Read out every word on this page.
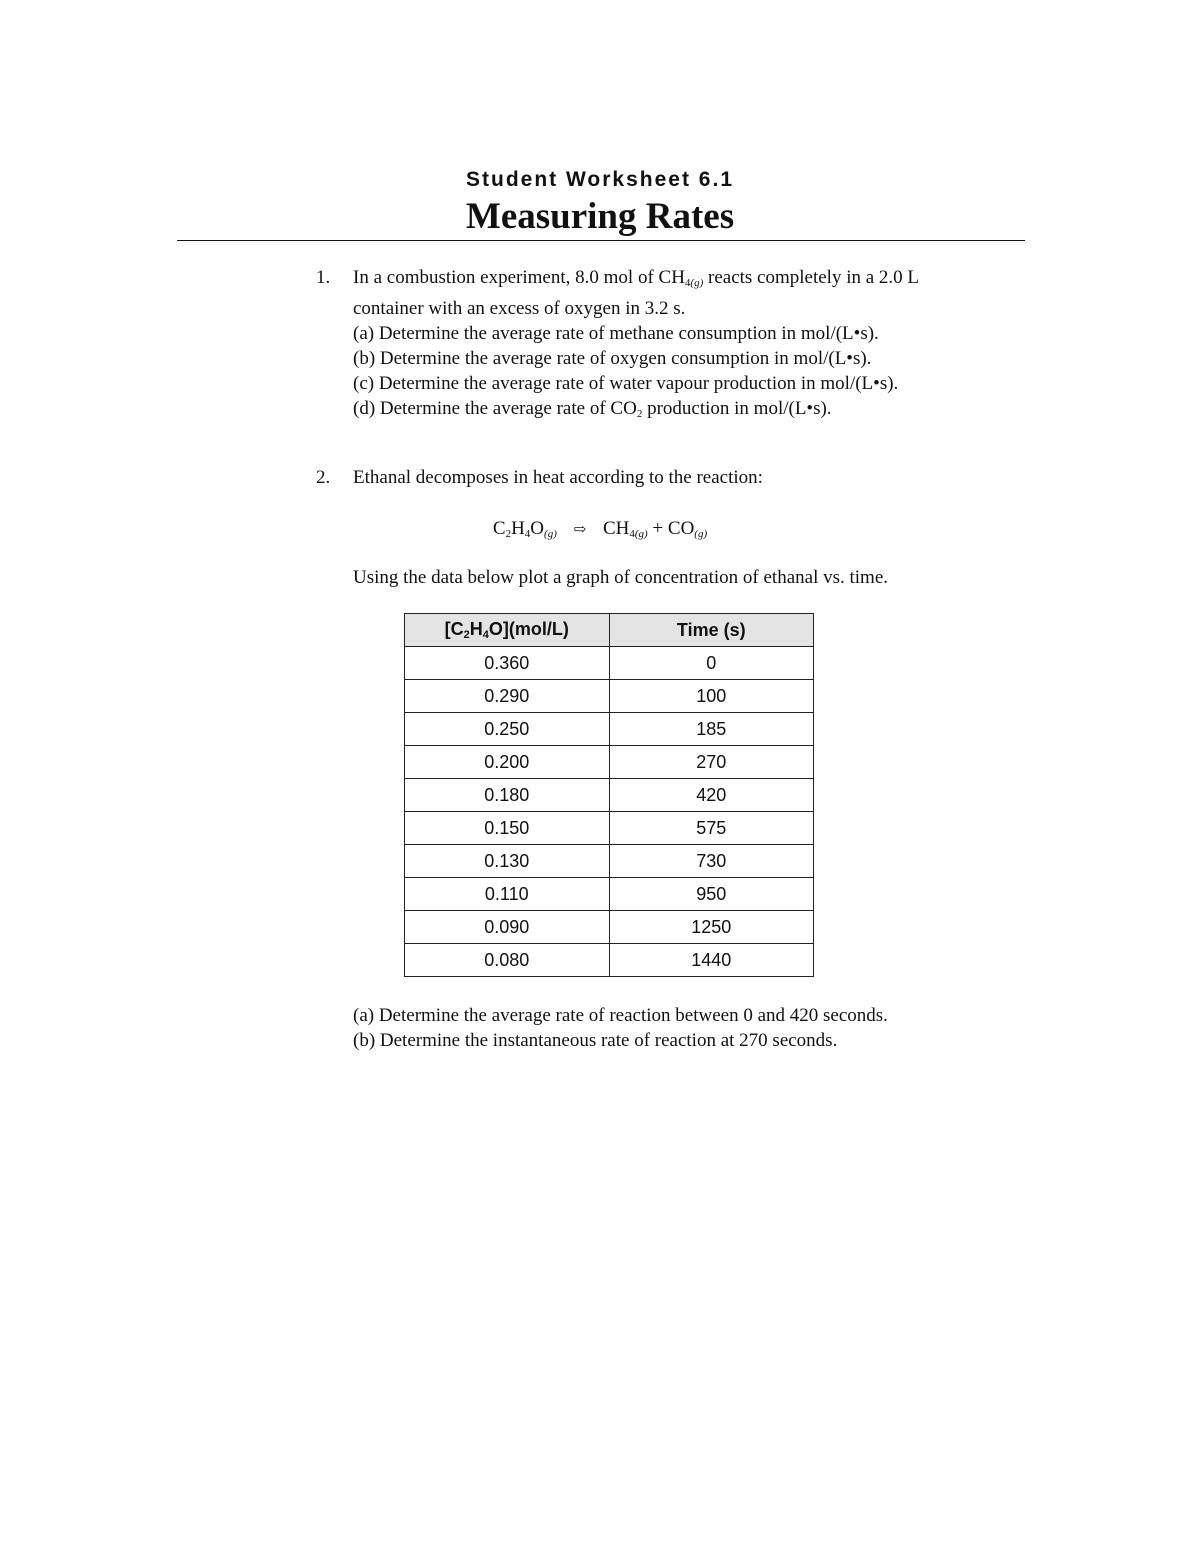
Student Worksheet 6.1
Measuring Rates
1. In a combustion experiment, 8.0 mol of $CH_{4(g)}$ reacts completely in a 2.0 L
container with an excess of oxygen in 3.2 s.
(a) Determine the average rate of methane consumption in mol/(L•s).
(b) Determine the average rate of oxygen consumption in mol/(L•s).
(c) Determine the average rate of water vapour production in mol/(L•s).
(d) Determine the average rate of $CO_2$ production in mol/(L•s).
2. Ethanal decomposes in heat according to the reaction:
$C_2H_4O_{(g)}$ ⇨ $CH_{4(g)} + CO_{(g)}$
Using the data below plot a graph of concentration of ethanal vs. time.
[C2H4O](mol/L)	Time (s)
0.360	0
0.290	100
0.250	185
0.200	270
0.180	420
0.150	575
0.130	730
0.110	950
0.090	1250
0.080	1440
(a) Determine the average rate of reaction between 0 and 420 seconds.
(b) Determine the instantaneous rate of reaction at 270 seconds.
